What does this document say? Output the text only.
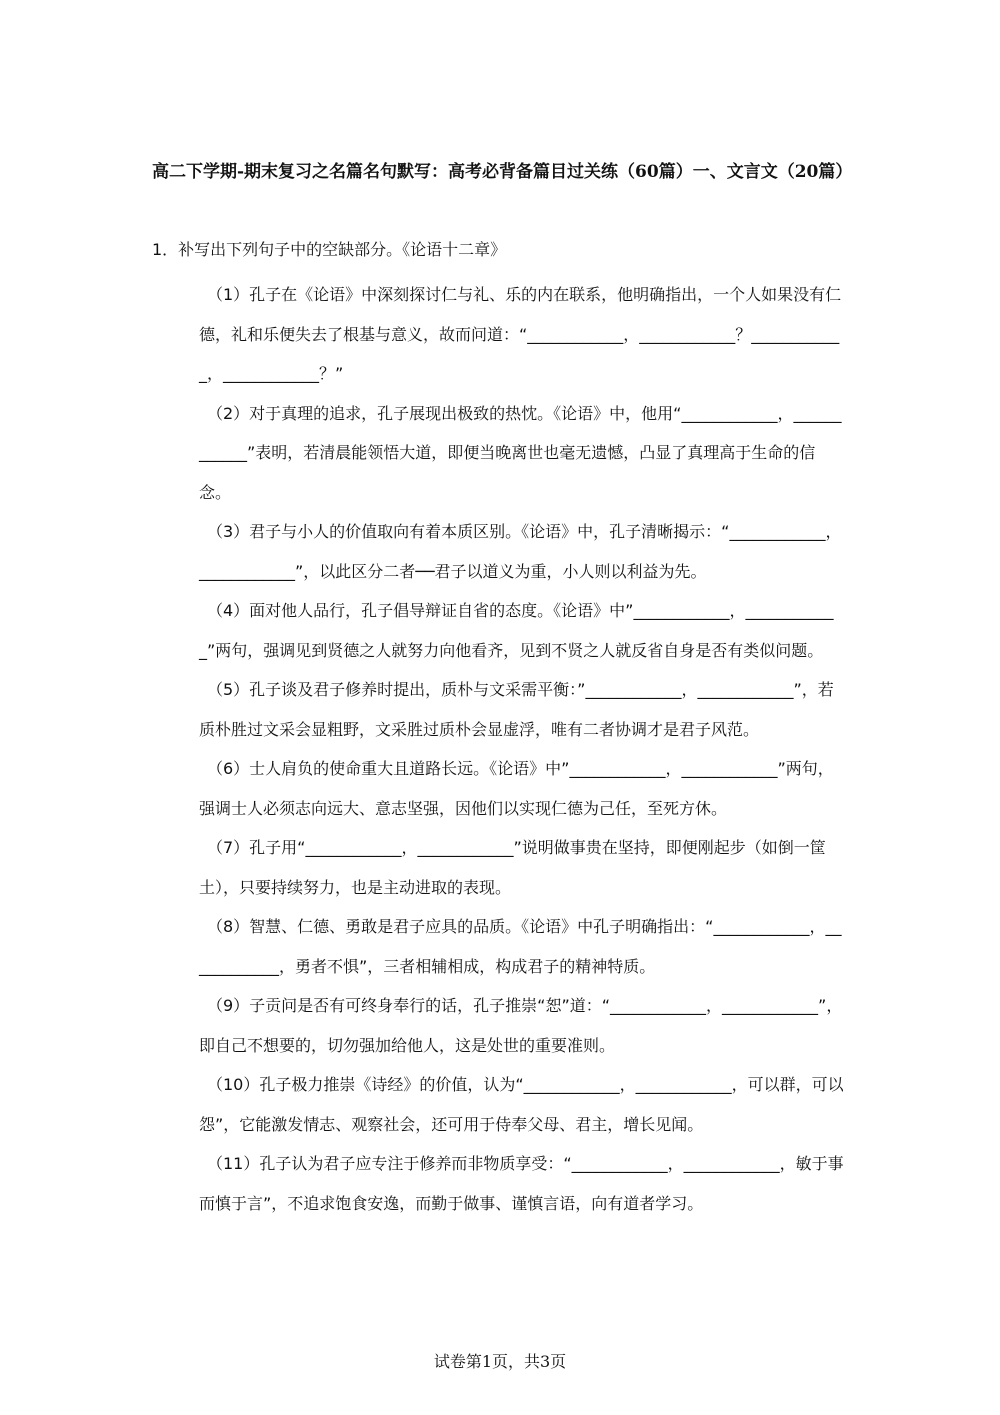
高二下学期-期末复习之名篇名句默写：高考必背备篇目过关练（60篇）一、文言文（20篇）
1．补写出下列句子中的空缺部分。《论语十二章》

（1）孔子在《论语》中深刻探讨仁与礼、乐的内在联系，他明确指出，一个人如果没有仁德，礼和乐便失去了根基与意义，故而问道：“____________，____________？____________，____________？”

（2）对于真理的追求，孔子展现出极致的热忱。《论语》中，他用“____________，____________”表明，若清晨能领悟大道，即便当晚离世也毫无遗憾，凸显了真理高于生命的信念。

（3）君子与小人的价值取向有着本质区别。《论语》中，孔子清晰揭示：“____________，____________”，以此区分二者──君子以道义为重，小人则以利益为先。

（4）面对他人品行，孔子倡导辩证自省的态度。《论语》中”____________，____________”两句，强调见到贤德之人就努力向他看齐，见到不贤之人就反省自身是否有类似问题。

（5）孔子谈及君子修养时提出，质朴与文采需平衡：”____________，____________”，若质朴胜过文采会显粗野，文采胜过质朴会显虚浮，唯有二者协调才是君子风范。

（6）士人肩负的使命重大且道路长远。《论语》中”____________，____________”两句，强调士人必须志向远大、意志坚强，因他们以实现仁德为己任，至死方休。

（7）孔子用“____________，____________”说明做事贵在坚持，即便刚起步（如倒一筐土），只要持续努力，也是主动进取的表现。

（8）智慧、仁德、勇敢是君子应具的品质。《论语》中孔子明确指出：“____________，____________，勇者不惧”，三者相辅相成，构成君子的精神特质。

（9）子贡问是否有可终身奉行的话，孔子推崇“恕”道：“____________，____________”，即自己不想要的，切勿强加给他人，这是处世的重要准则。

（10）孔子极力推崇《诗经》的价值，认为“____________，____________，可以群，可以怨”，它能激发情志、观察社会，还可用于侍奉父母、君主，增长见闻。

（11）孔子认为君子应专注于修养而非物质享受：“____________，____________，敏于事而慎于言”，不追求饱食安逸，而勤于做事、谨慎言语，向有道者学习。

试卷第1页，共3页
